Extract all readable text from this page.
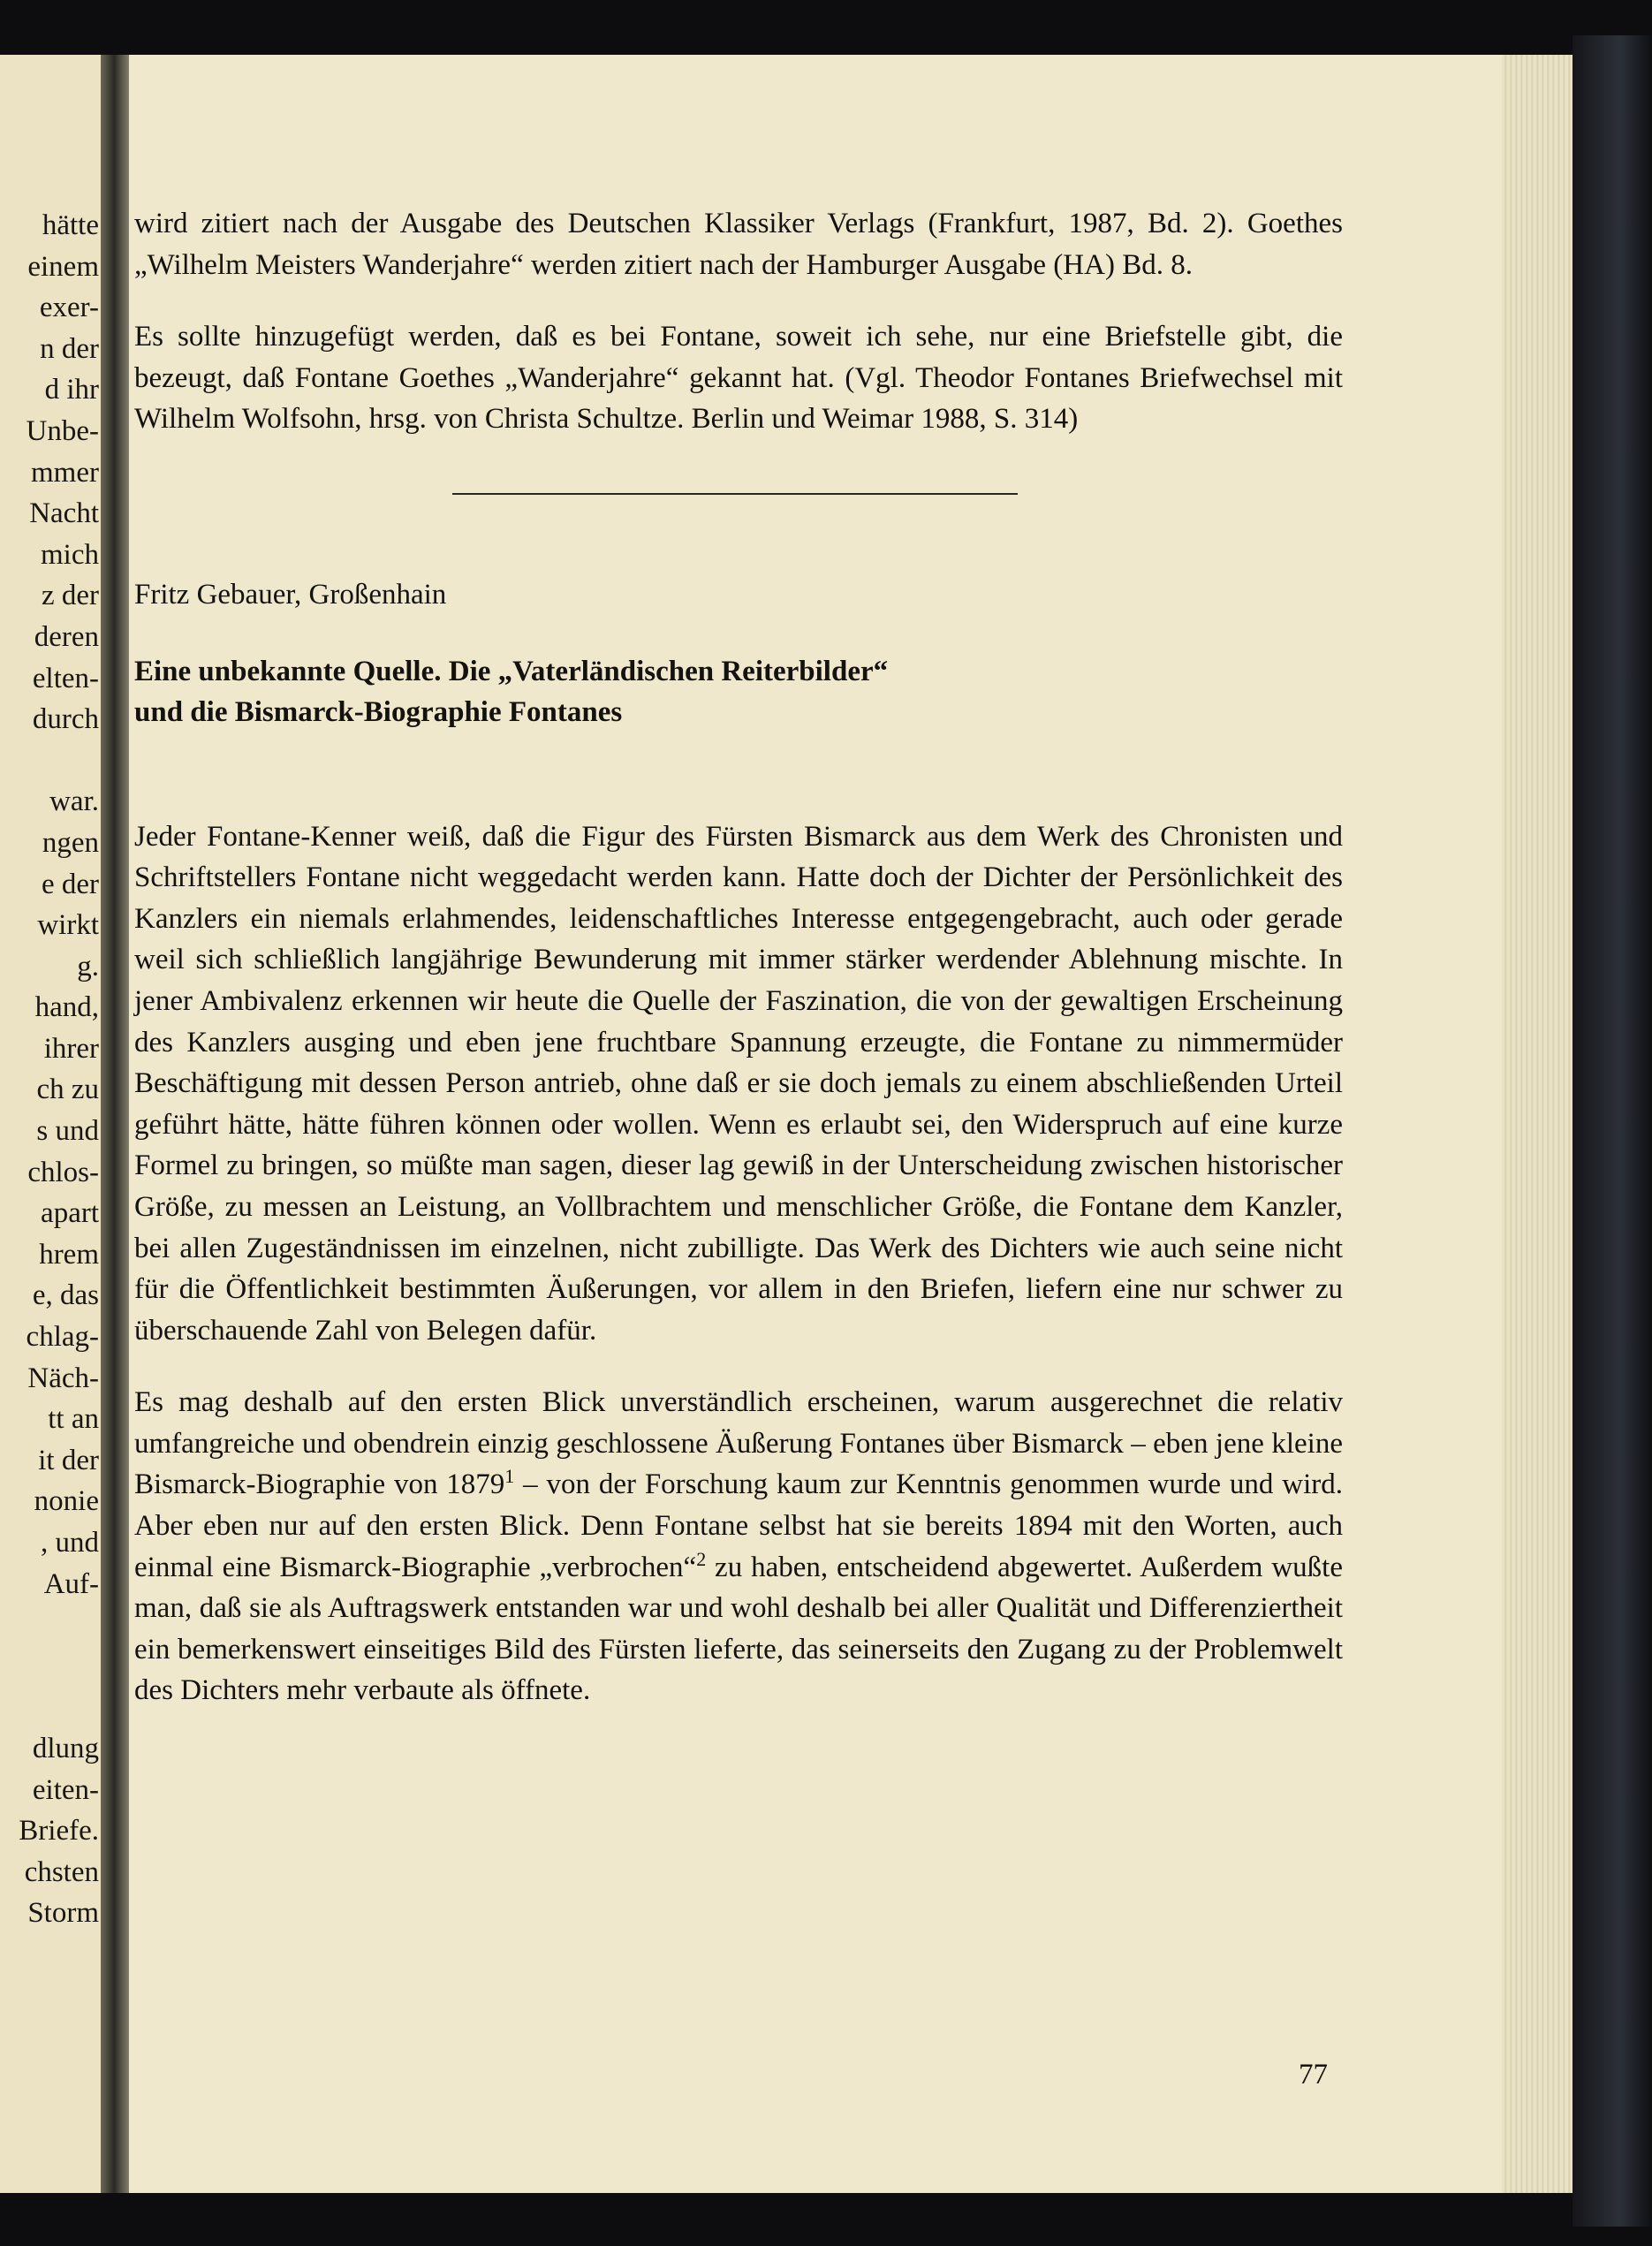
hätte
einem
exer-
n der
d ihr
Unbe-
mmer
Nacht
mich
z der
deren
elten-
durch
war.
ngen
e der
wirkt
g.
hand,
ihrer
ch zu
s und
chlos-
apart
hrem
e, das
chlag-
Näch-
tt an
it der
nonie
, und
Auf-
dlung
eiten-
Briefe.
chsten
Storm

wird zitiert nach der Ausgabe des Deutschen Klassiker Verlags (Frankfurt, 1987, Bd. 2). Goethes „Wilhelm Meisters Wanderjahre“ werden zitiert nach der Hamburger Ausgabe (HA) Bd. 8.

Es sollte hinzugefügt werden, daß es bei Fontane, soweit ich sehe, nur eine Briefstelle gibt, die bezeugt, daß Fontane Goethes „Wanderjahre“ gekannt hat. (Vgl. Theodor Fontanes Briefwechsel mit Wilhelm Wolfsohn, hrsg. von Christa Schultze. Berlin und Weimar 1988, S. 314)

Fritz Gebauer, Großenhain
Eine unbekannte Quelle. Die „Vaterländischen Reiterbilder“
und die Bismarck-Biographie Fontanes

Jeder Fontane-Kenner weiß, daß die Figur des Fürsten Bismarck aus dem Werk des Chronisten und Schriftstellers Fontane nicht weggedacht werden kann. Hatte doch der Dichter der Persönlichkeit des Kanzlers ein niemals erlahmendes, leidenschaftliches Interesse entgegengebracht, auch oder gerade weil sich schließlich langjährige Bewunderung mit immer stärker werdender Ablehnung mischte. In jener Ambivalenz erkennen wir heute die Quelle der Faszination, die von der gewaltigen Erscheinung des Kanzlers ausging und eben jene fruchtbare Spannung erzeugte, die Fontane zu nimmermüder Beschäftigung mit dessen Person antrieb, ohne daß er sie doch jemals zu einem abschließenden Urteil geführt hätte, hätte führen können oder wollen. Wenn es erlaubt sei, den Widerspruch auf eine kurze Formel zu bringen, so müßte man sagen, dieser lag gewiß in der Unterscheidung zwischen historischer Größe, zu messen an Leistung, an Vollbrachtem und menschlicher Größe, die Fontane dem Kanzler, bei allen Zugeständnissen im einzelnen, nicht zubilligte. Das Werk des Dichters wie auch seine nicht für die Öffentlichkeit bestimmten Äußerungen, vor allem in den Briefen, liefern eine nur schwer zu überschauende Zahl von Belegen dafür.

Es mag deshalb auf den ersten Blick unverständlich erscheinen, warum ausgerechnet die relativ umfangreiche und obendrein einzig geschlossene Äußerung Fontanes über Bismarck – eben jene kleine Bismarck-Biographie von 1879$^1$ – von der Forschung kaum zur Kenntnis genommen wurde und wird. Aber eben nur auf den ersten Blick. Denn Fontane selbst hat sie bereits 1894 mit den Worten, auch einmal eine Bismarck-Biographie „verbrochen“$^2$ zu haben, entscheidend abgewertet. Außerdem wußte man, daß sie als Auftragswerk entstanden war und wohl deshalb bei aller Qualität und Differenziertheit ein bemerkenswert einseitiges Bild des Fürsten lieferte, das seinerseits den Zugang zu der Problemwelt des Dichters mehr verbaute als öffnete.

77
